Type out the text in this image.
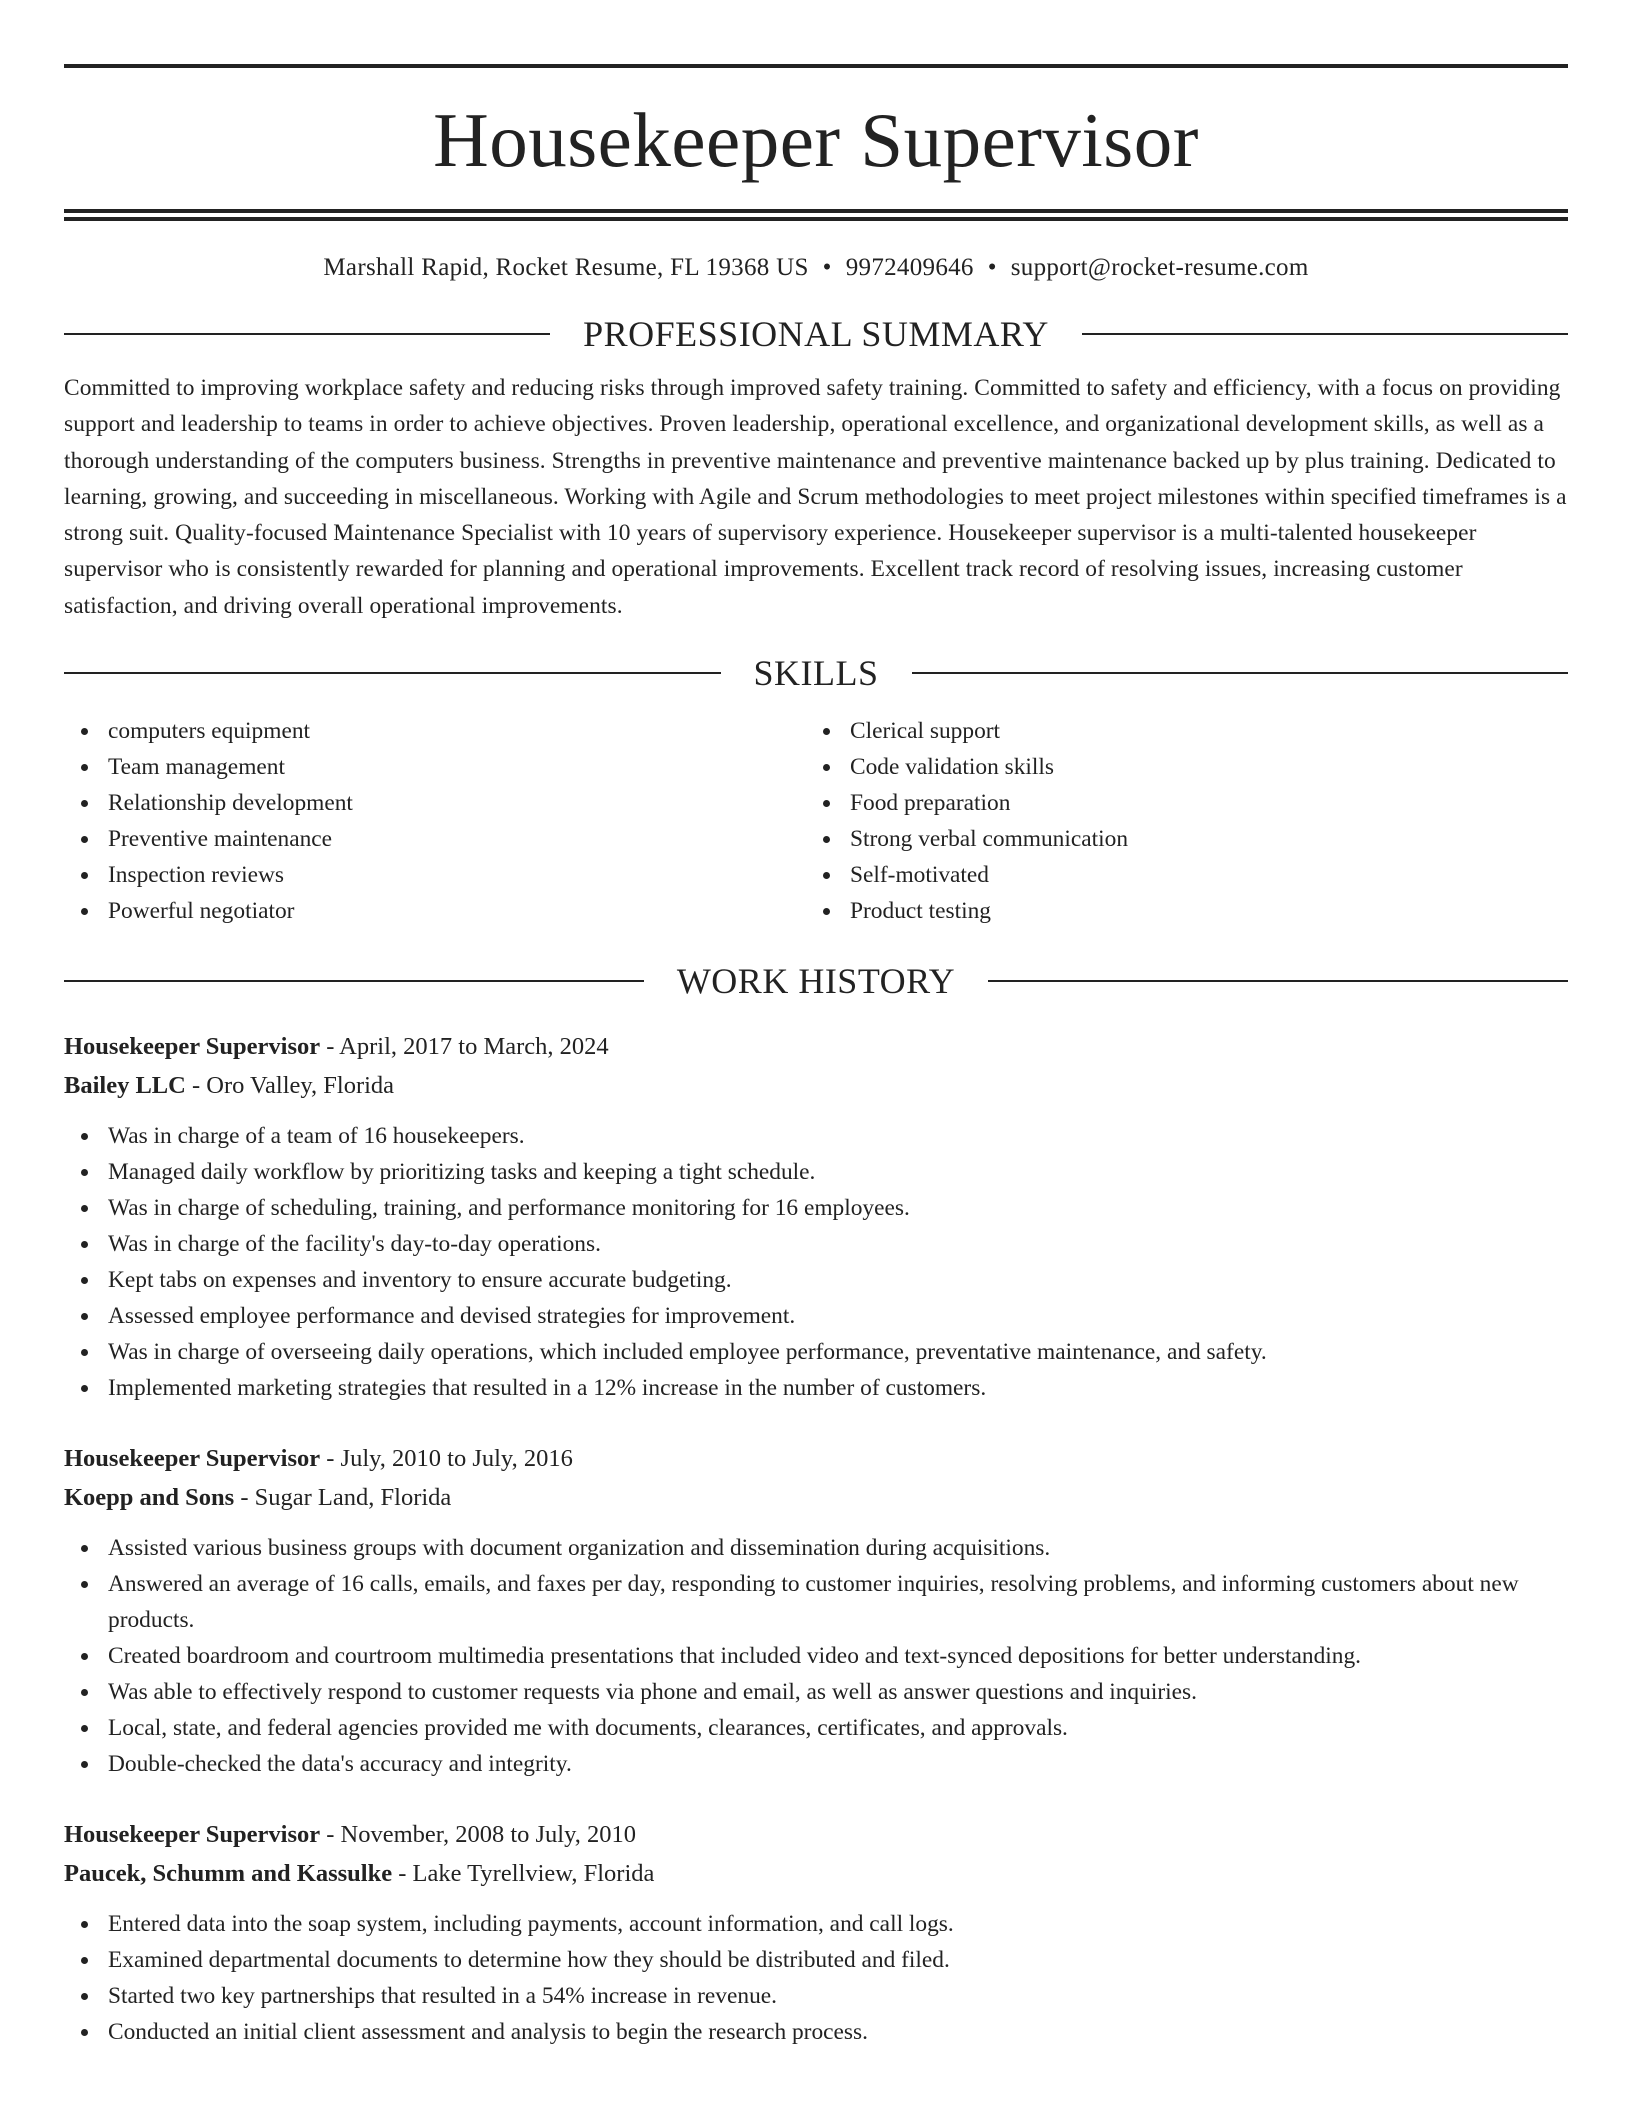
Housekeeper Supervisor
Marshall Rapid, Rocket Resume, FL 19368 US • 9972409646 • support@rocket-resume.com
PROFESSIONAL SUMMARY
Committed to improving workplace safety and reducing risks through improved safety training. Committed to safety and efficiency, with a focus on providing support and leadership to teams in order to achieve objectives. Proven leadership, operational excellence, and organizational development skills, as well as a thorough understanding of the computers business. Strengths in preventive maintenance and preventive maintenance backed up by plus training. Dedicated to learning, growing, and succeeding in miscellaneous. Working with Agile and Scrum methodologies to meet project milestones within specified timeframes is a strong suit. Quality-focused Maintenance Specialist with 10 years of supervisory experience. Housekeeper supervisor is a multi-talented housekeeper supervisor who is consistently rewarded for planning and operational improvements. Excellent track record of resolving issues, increasing customer satisfaction, and driving overall operational improvements.
SKILLS
computers equipment
Team management
Relationship development
Preventive maintenance
Inspection reviews
Powerful negotiator
Clerical support
Code validation skills
Food preparation
Strong verbal communication
Self-motivated
Product testing
WORK HISTORY
Housekeeper Supervisor - April, 2017 to March, 2024
Bailey LLC - Oro Valley, Florida
Was in charge of a team of 16 housekeepers.
Managed daily workflow by prioritizing tasks and keeping a tight schedule.
Was in charge of scheduling, training, and performance monitoring for 16 employees.
Was in charge of the facility's day-to-day operations.
Kept tabs on expenses and inventory to ensure accurate budgeting.
Assessed employee performance and devised strategies for improvement.
Was in charge of overseeing daily operations, which included employee performance, preventative maintenance, and safety.
Implemented marketing strategies that resulted in a 12% increase in the number of customers.
Housekeeper Supervisor - July, 2010 to July, 2016
Koepp and Sons - Sugar Land, Florida
Assisted various business groups with document organization and dissemination during acquisitions.
Answered an average of 16 calls, emails, and faxes per day, responding to customer inquiries, resolving problems, and informing customers about new products.
Created boardroom and courtroom multimedia presentations that included video and text-synced depositions for better understanding.
Was able to effectively respond to customer requests via phone and email, as well as answer questions and inquiries.
Local, state, and federal agencies provided me with documents, clearances, certificates, and approvals.
Double-checked the data's accuracy and integrity.
Housekeeper Supervisor - November, 2008 to July, 2010
Paucek, Schumm and Kassulke - Lake Tyrellview, Florida
Entered data into the soap system, including payments, account information, and call logs.
Examined departmental documents to determine how they should be distributed and filed.
Started two key partnerships that resulted in a 54% increase in revenue.
Conducted an initial client assessment and analysis to begin the research process.
